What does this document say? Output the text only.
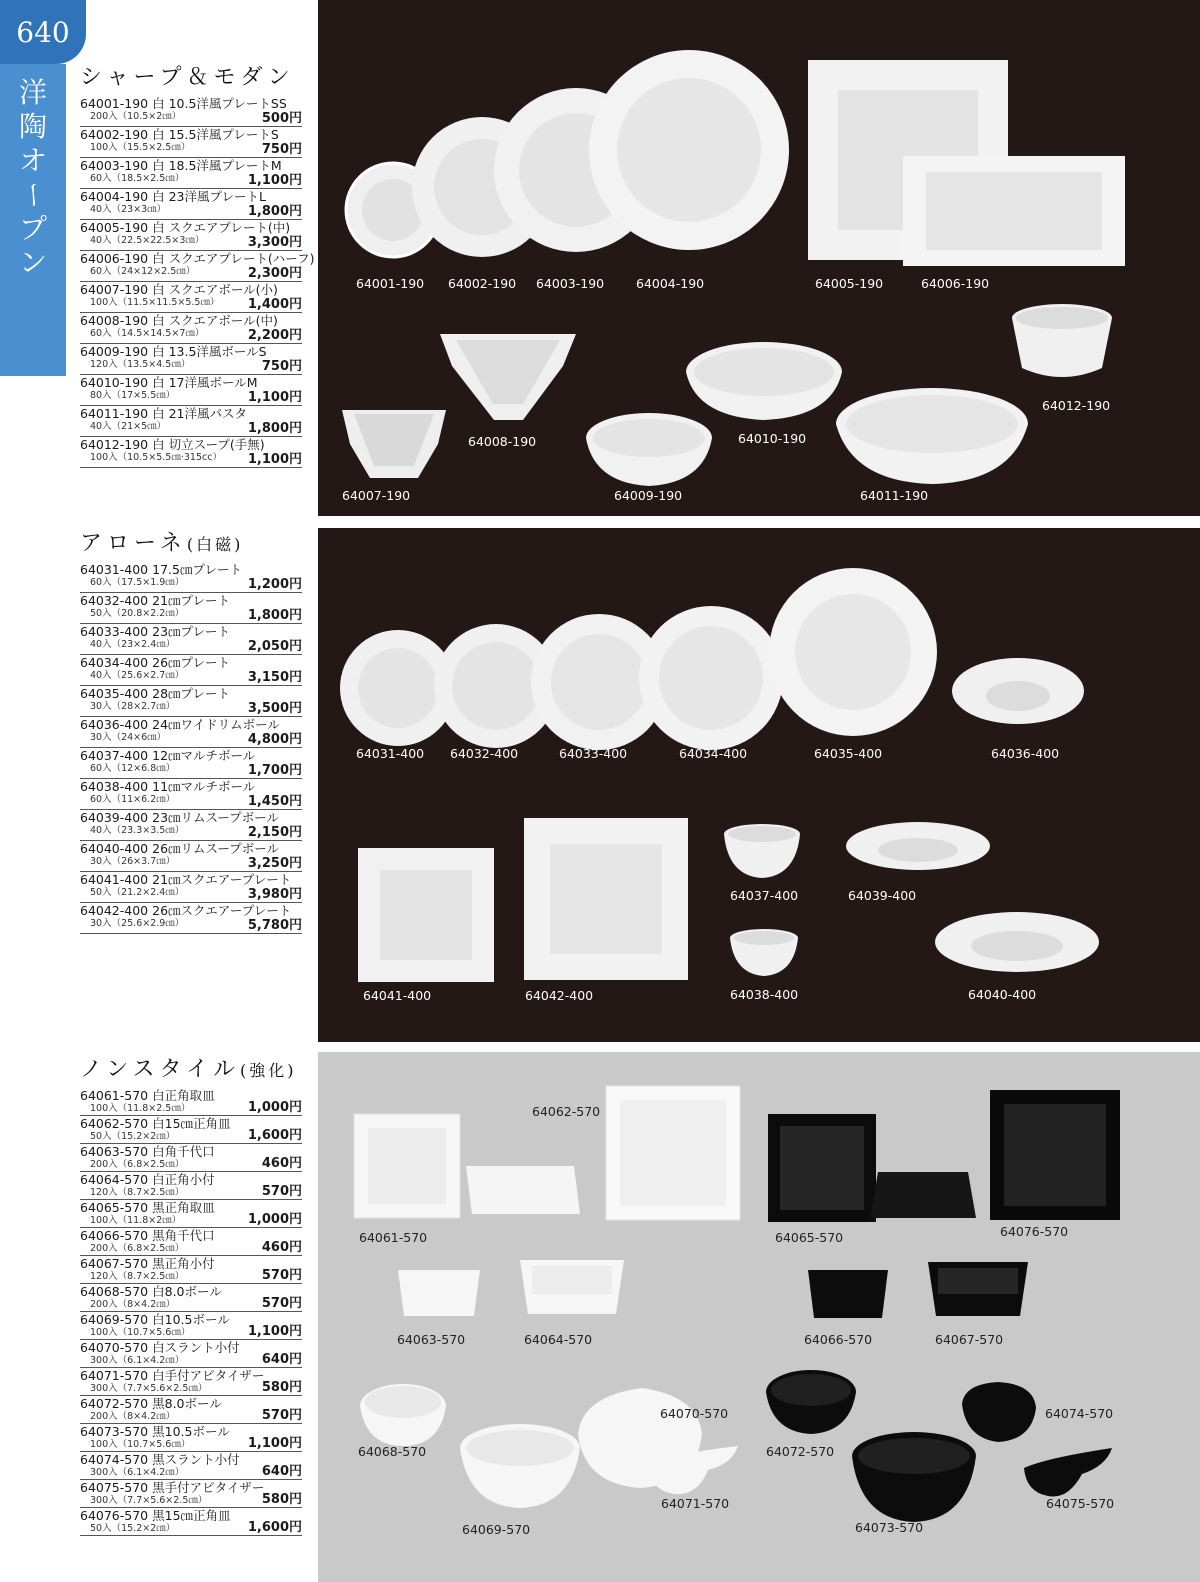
640
洋
陶
オ
ー
プ
ン
シャープ＆モダン
64001-190 白 10.5洋風プレートSS
200入（10.5×2㎝）	500円
64002-190 白 15.5洋風プレートS
100入（15.5×2.5㎝）	750円
64003-190 白 18.5洋風プレートM
60入（18.5×2.5㎝）	1,100円
64004-190 白 23洋風プレートL
40入（23×3㎝）	1,800円
64005-190 白 スクエアプレート(中)
40入（22.5×22.5×3㎝）	3,300円
64006-190 白 スクエアプレート(ハーフ)
60入（24×12×2.5㎝）	2,300円
64007-190 白 スクエアボール(小)
100入（11.5×11.5×5.5㎝）	1,400円
64008-190 白 スクエアボール(中)
60入（14.5×14.5×7㎝）	2,200円
64009-190 白 13.5洋風ボールS
120入（13.5×4.5㎝）	750円
64010-190 白 17洋風ボールM
80入（17×5.5㎝）	1,100円
64011-190 白 21洋風パスタ
40入（21×5㎝）	1,800円
64012-190 白 切立スープ(手無)
100入（10.5×5.5㎝·315cc）	1,100円
64001-190 64002-190 64003-190	64004-190	64005-190	64006-190
64008-190	64010-190
64012-190
64007-190	64009-190	64011-190
アローネ(白磁)
64031-400 17.5㎝プレート
60入（17.5×1.9㎝）	1,200円
64032-400 21㎝プレート
50入（20.8×2.2㎝）	1,800円
64033-400 23㎝プレート
40入（23×2.4㎝）	2,050円
64034-400 26㎝プレート
40入（25.6×2.7㎝）	3,150円
64035-400 28㎝プレート
30入（28×2.7㎝）	3,500円
64036-400 24㎝ワイドリムボール
30入（24×6㎝）	4,800円
64037-400 12㎝マルチボール
60入（12×6.8㎝）	1,700円
64038-400 11㎝マルチボール
60入（11×6.2㎝）	1,450円
64039-400 23㎝リムスープボール
40入（23.3×3.5㎝）	2,150円
64040-400 26㎝リムスープボール
30入（26×3.7㎝）	3,250円
64041-400 21㎝スクエアープレート
50入（21.2×2.4㎝）	3,980円
64042-400 26㎝スクエアープレート
30入（25.6×2.9㎝）	5,780円
64031-400 64032-400	64033-400	64034-400	64035-400	64036-400
64037-400	64039-400
64041-400	64042-400	64038-400	64040-400
ノンスタイル(強化)
64061-570 白正角取皿
100入（11.8×2.5㎝）	1,000円
64062-570 白15㎝正角皿
50入（15.2×2㎝）	1,600円
64063-570 白角千代口
200入（6.8×2.5㎝）	460円
64064-570 白正角小付
120入（8.7×2.5㎝）	570円
64065-570 黒正角取皿
100入（11.8×2㎝）	1,000円
64066-570 黒角千代口
200入（6.8×2.5㎝）	460円
64067-570 黒正角小付
120入（8.7×2.5㎝）	570円
64068-570 白8.0ボール
200入（8×4.2㎝）	570円
64069-570 白10.5ボール
100入（10.7×5.6㎝）	1,100円
64070-570 白スラント小付
300入（6.1×4.2㎝）	640円
64071-570 白手付アピタイザー
300入（7.7×5.6×2.5㎝）	580円
64072-570 黒8.0ボール
200入（8×4.2㎝）	570円
64073-570 黒10.5ボール
100入（10.7×5.6㎝）	1,100円
64074-570 黒スラント小付
300入（6.1×4.2㎝）	640円
64075-570 黒手付アピタイザー
300入（7.7×5.6×2.5㎝）	580円
64076-570 黒15㎝正角皿
50入（15.2×2㎝）	1,600円
64062-570
64061-570	64065-570	64076-570
64063-570	64064-570	64066-570	64067-570
64070-570
64068-570	64072-570
64074-570
64071-570
64069-570	64073-570
64075-570
